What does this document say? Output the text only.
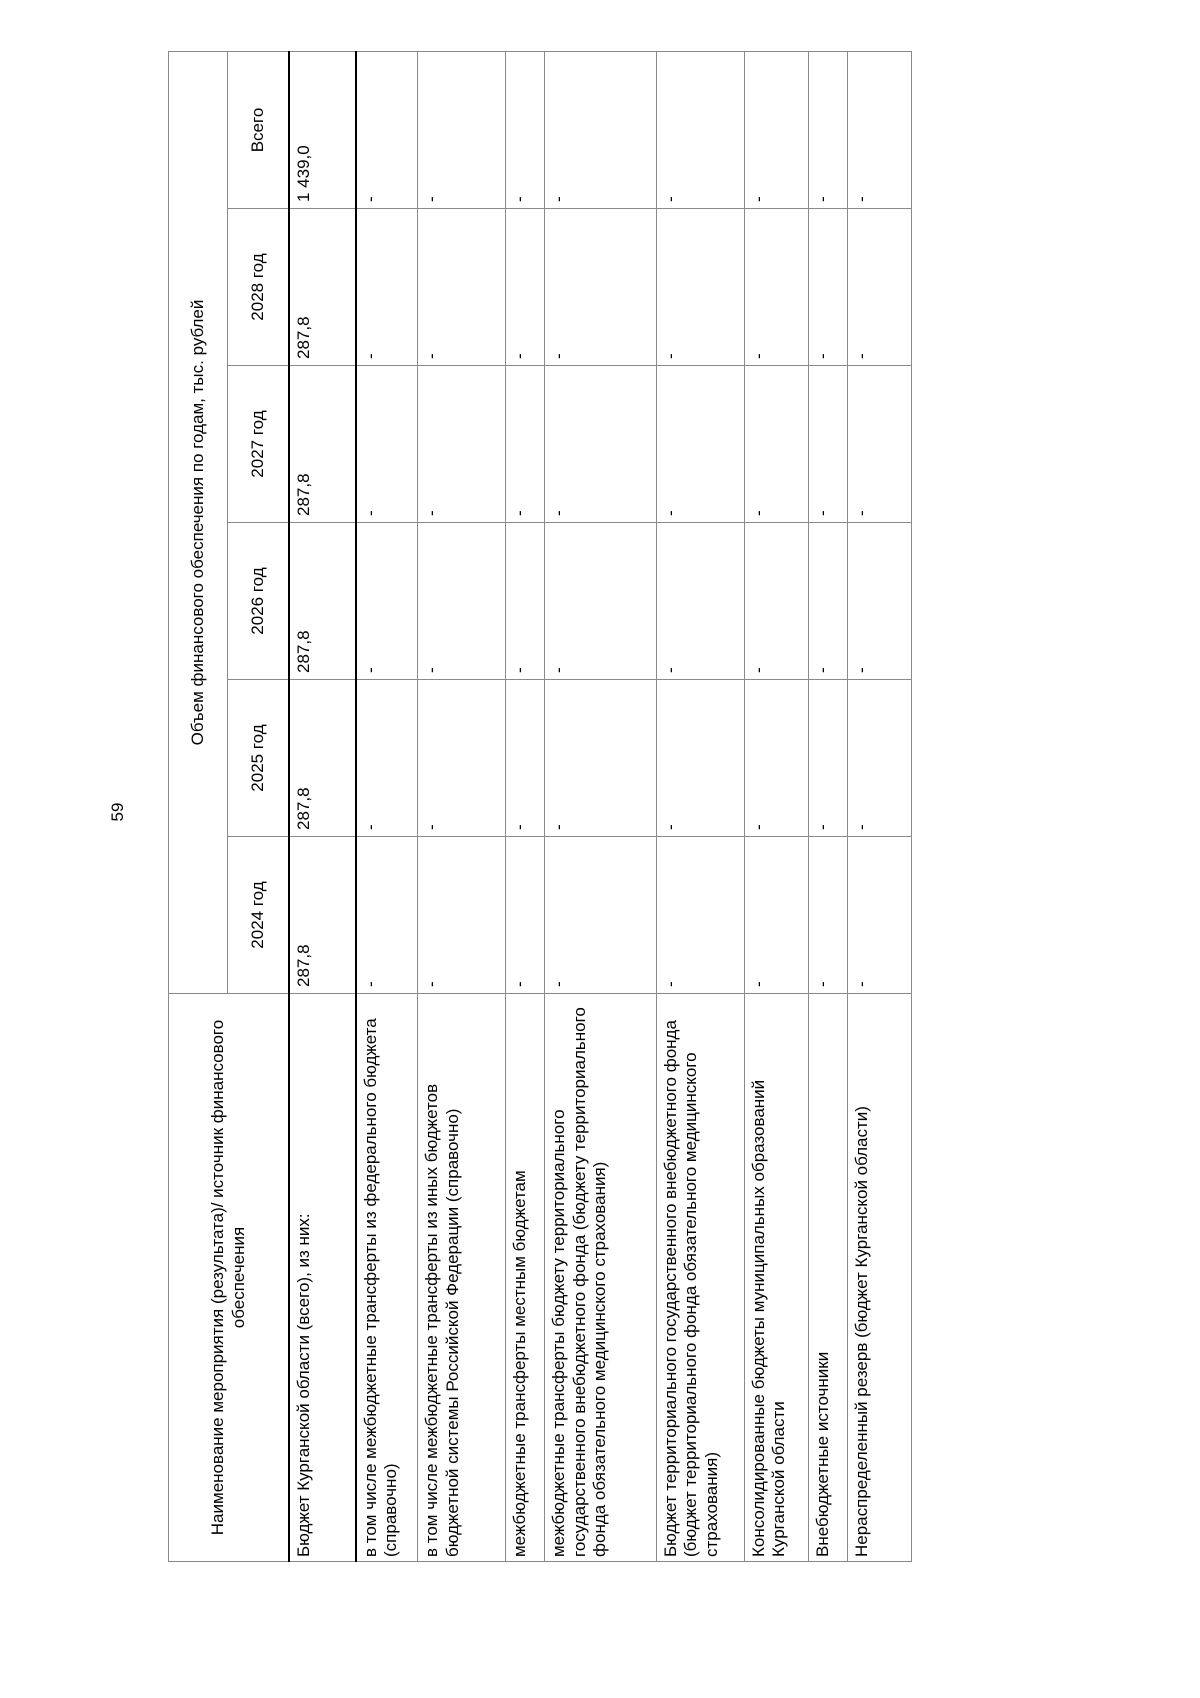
59
Наименование мероприятия (результата)/ источник финансового обеспечения	Объем финансового обеспечения по годам, тыс. рублей					
	2024 год	2025 год	2026 год	2027 год	2028 год	Всего
Бюджет Курганской области (всего), из них:	287,8	287,8	287,8	287,8	287,8	1 439,0
в том числе межбюджетные трансферты из федерального бюджета (справочно)	-	-	-	-	-	-
в том числе межбюджетные трансферты из иных бюджетов бюджетной системы Российской Федерации (справочно)	-	-	-	-	-	-
межбюджетные трансферты местным бюджетам	-	-	-	-	-	-
межбюджетные трансферты бюджету территориального государственного внебюджетного фонда (бюджету территориального фонда обязательного медицинского страхования)	-	-	-	-	-	-
Бюджет территориального государственного внебюджетного фонда (бюджет территориального фонда обязательного медицинского страхования)	-	-	-	-	-	-
Консолидированные бюджеты муниципальных образований Курганской области	-	-	-	-	-	-
Внебюджетные источники	-	-	-	-	-	-
Нераспределенный резерв (бюджет Курганской области)	-	-	-	-	-	-
